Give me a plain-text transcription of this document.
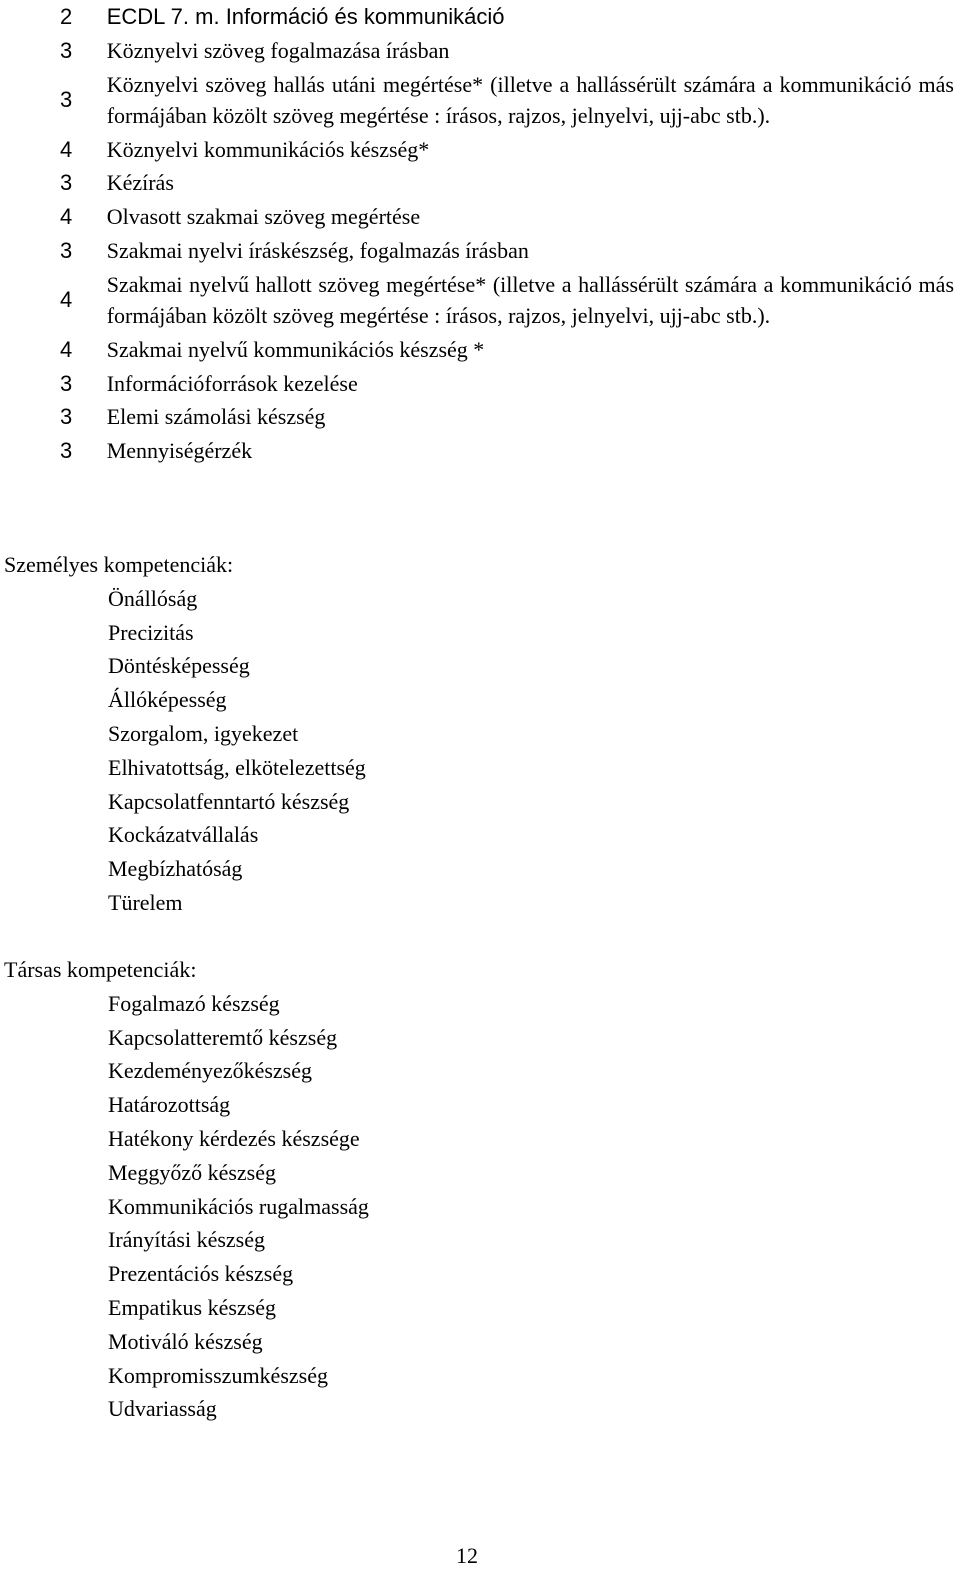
2	ECDL 7. m. Információ és kommunikáció
3	Köznyelvi szöveg fogalmazása írásban
3	Köznyelvi szöveg hallás utáni megértése* (illetve a hallássérült számára a kommunikáció más formájában közölt szöveg megértése : írásos, rajzos, jelnyelvi, ujj-abc stb.).
4	Köznyelvi kommunikációs készség*
3	Kézírás
4	Olvasott szakmai szöveg megértése
3	Szakmai nyelvi íráskészség, fogalmazás írásban
4	Szakmai nyelvű hallott szöveg megértése* (illetve a hallássérült számára a kommunikáció más formájában közölt szöveg megértése : írásos, rajzos, jelnyelvi, ujj-abc stb.).
4	Szakmai nyelvű kommunikációs készség *
3	Információforrások kezelése
3	Elemi számolási készség
3	Mennyiségérzék
Személyes kompetenciák:
Önállóság
Precizitás
Döntésképesség
Állóképesség
Szorgalom, igyekezet
Elhivatottság, elkötelezettség
Kapcsolatfenntartó készség
Kockázatvállalás
Megbízhatóság
Türelem
Társas kompetenciák:
Fogalmazó készség
Kapcsolatteremtő készség
Kezdeményezőkészség
Határozottság
Hatékony kérdezés készsége
Meggyőző készség
Kommunikációs rugalmasság
Irányítási készség
Prezentációs készség
Empatikus készség
Motiváló készség
Kompromisszumkészség
Udvariasság
12
